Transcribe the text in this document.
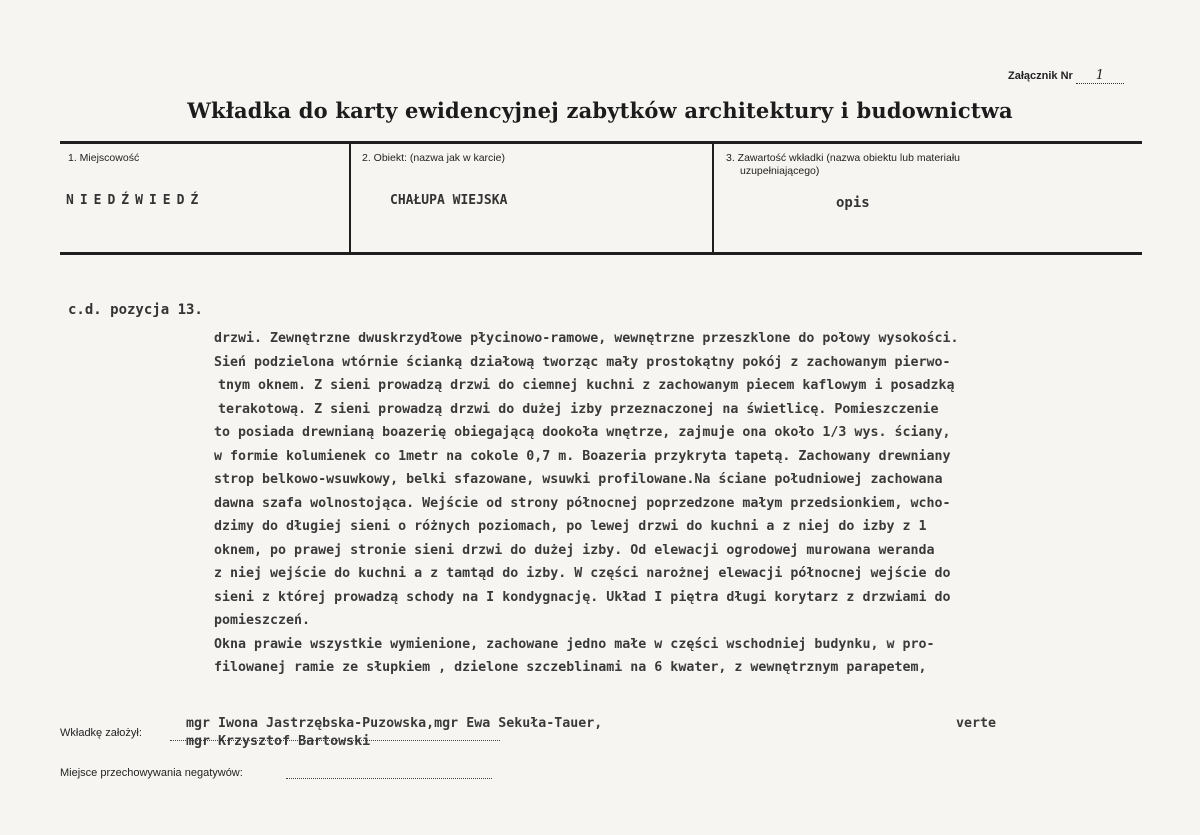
Załącznik Nr 1
Wkładka do karty ewidencyjnej zabytków architektury i budownictwa
1. Miejscowość
NIEDŹWIEDŹ
2. Obiekt: (nazwa jak w karcie)
CHAŁUPA WIEJSKA
3. Zawartość wkładki (nazwa obiektu lub materiału
uzupełniającego)
opis
c.d. pozycja 13.
drzwi. Zewnętrzne dwuskrzydłowe płycinowo-ramowe, wewnętrzne przeszklone do połowy wysokości.
Sień podzielona wtórnie ścianką działową tworząc mały prostokątny pokój z zachowanym pierwo-
tnym oknem. Z sieni prowadzą drzwi do ciemnej kuchni z zachowanym piecem kaflowym i posadzką
terakotową. Z sieni prowadzą drzwi do dużej izby przeznaczonej na świetlicę. Pomieszczenie
to posiada drewnianą boazerię obiegającą dookoła wnętrze, zajmuje ona około 1/3 wys. ściany,
w formie kolumienek co 1metr na cokole 0,7 m. Boazeria przykryta tapetą. Zachowany drewniany
strop belkowo-wsuwkowy, belki sfazowane, wsuwki profilowane.Na ściane południowej zachowana
dawna szafa wolnostojąca. Wejście od strony północnej poprzedzone małym przedsionkiem, wcho-
dzimy do długiej sieni o różnych poziomach, po lewej drzwi do kuchni a z niej do izby z 1
oknem, po prawej stronie sieni drzwi do dużej izby. Od elewacji ogrodowej murowana weranda
z niej wejście do kuchni a z tamtąd do izby. W części narożnej elewacji północnej wejście do
sieni z której prowadzą schody na I kondygnację. Układ I piętra długi korytarz z drzwiami do
pomieszczeń.
Okna prawie wszystkie wymienione, zachowane jedno małe w części wschodniej budynku, w pro-
filowanej ramie ze słupkiem , dzielone szczeblinami na 6 kwater, z wewnętrznym parapetem,
Wkładkę założył:
mgr Iwona Jastrzębska-Puzowska,mgr Ewa Sekuła-Tauer,
mgr Krzysztof Bartowski
verte
Miejsce przechowywania negatywów:
